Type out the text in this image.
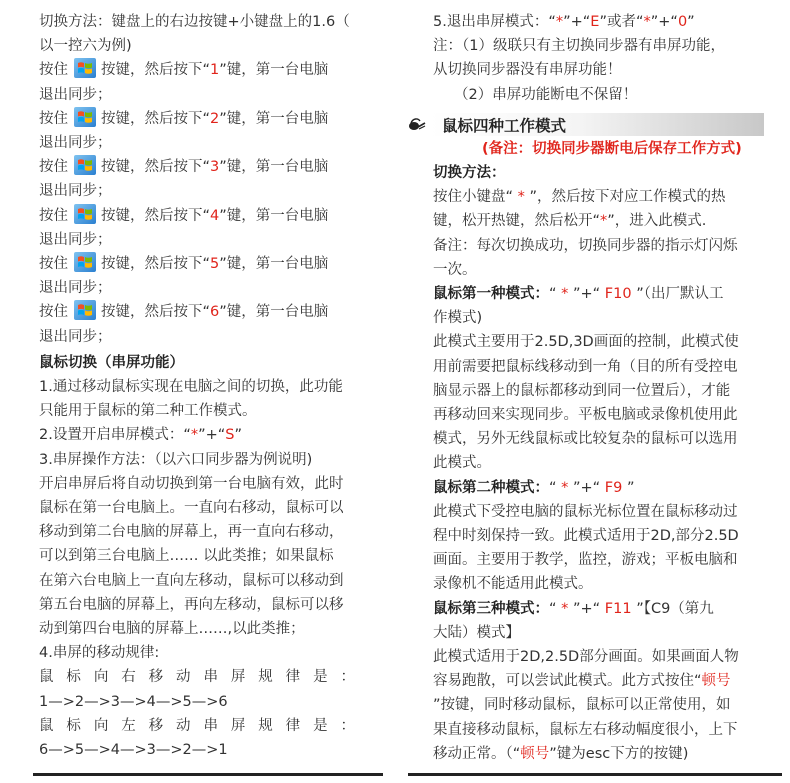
切换方法：键盘上的右边按键+小键盘上的1.6（
以一控六为例)
按住 按键，然后按下“1”键，第一台电脑
退出同步；
按住 按键，然后按下“2”键，第一台电脑
退出同步；
按住 按键，然后按下“3”键，第一台电脑
退出同步；
按住 按键，然后按下“4”键，第一台电脑
退出同步；
按住 按键，然后按下“5”键，第一台电脑
退出同步；
按住 按键，然后按下“6”键，第一台电脑
退出同步；
鼠标切换（串屏功能）
1.通过移动鼠标实现在电脑之间的切换，此功能
只能用于鼠标的第二种工作模式。
2.设置开启串屏模式：“*”+“S”
3.串屏操作方法：（以六口同步器为例说明)
开启串屏后将自动切换到第一台电脑有效，此时
鼠标在第一台电脑上。一直向右移动，鼠标可以
移动到第二台电脑的屏幕上，再一直向右移动，
可以到第三台电脑上…… 以此类推；如果鼠标
在第六台电脑上一直向左移动，鼠标可以移动到
第五台电脑的屏幕上，再向左移动，鼠标可以移
动到第四台电脑的屏幕上……,以此类推；
4.串屏的移动规律:
鼠 标 向 右 移 动 串 屏 规 律 是 ：
1—>2—>3—>4—>5—>6
鼠 标 向 左 移 动 串 屏 规 律 是 ：
6—>5—>4—>3—>2—>1
5.退出串屏模式：“*”+“E”或者“*”+“0”
注：（1）级联只有主切换同步器有串屏功能，
从切换同步器没有串屏功能！
（2）串屏功能断电不保留！
鼠标四种工作模式
(备注：切换同步器断电后保存工作方式)
切换方法：
按住小键盘“ * ”，然后按下对应工作模式的热
键，松开热键，然后松开“*”，进入此模式.
备注：每次切换成功，切换同步器的指示灯闪烁
一次。
鼠标第一种模式：“ * ”+“ F10 ”（出厂默认工
作模式)
此模式主要用于2.5D,3D画面的控制，此模式使
用前需要把鼠标线移动到一角（目的所有受控电
脑显示器上的鼠标都移动到同一位置后），才能
再移动回来实现同步。平板电脑或录像机使用此
模式，另外无线鼠标或比较复杂的鼠标可以选用
此模式。
鼠标第二种模式：“ * ”+“ F9 ”
此模式下受控电脑的鼠标光标位置在鼠标移动过
程中时刻保持一致。此模式适用于2D,部分2.5D
画面。主要用于教学，监控，游戏；平板电脑和
录像机不能适用此模式。
鼠标第三种模式：“ * ”+“ F11 ”【C9（第九
大陆）模式】
此模式适用于2D,2.5D部分画面。如果画面人物
容易跑散，可以尝试此模式。此方式按住“顿号
”按键，同时移动鼠标，鼠标可以正常使用，如
果直接移动鼠标，鼠标左右移动幅度很小，上下
移动正常。（“顿号”键为esc下方的按键)
